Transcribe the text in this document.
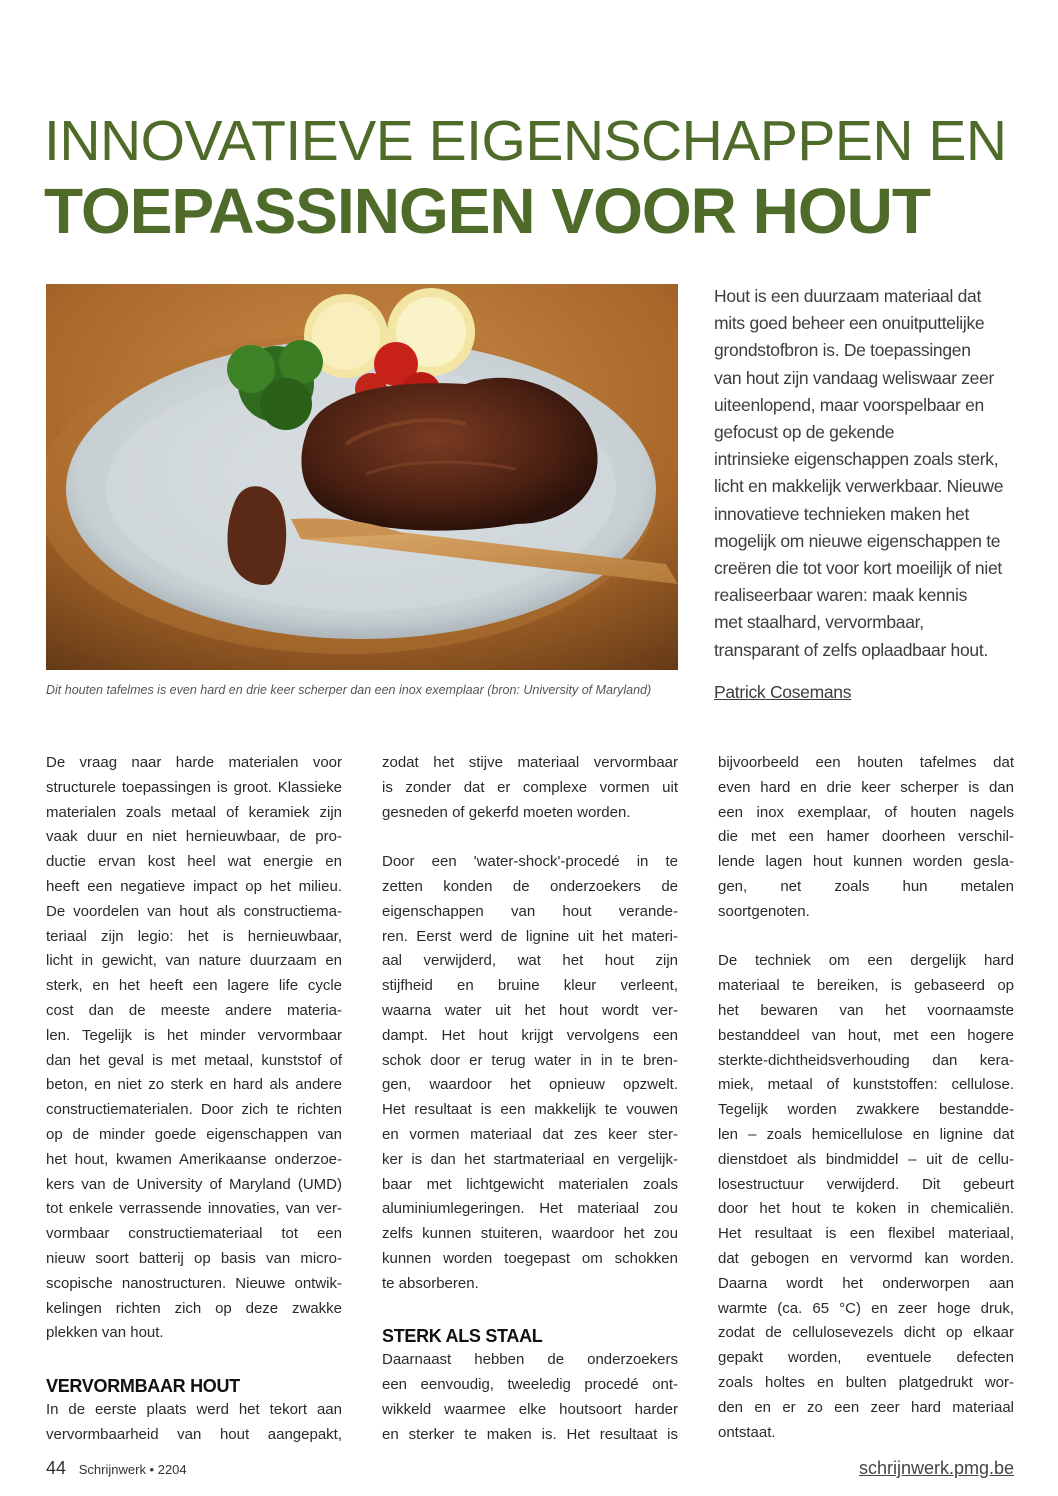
INNOVATIEVE EIGENSCHAPPEN EN
TOEPASSINGEN VOOR HOUT
Dit houten tafelmes is even hard en drie keer scherper dan een inox exemplaar (bron: University of Maryland)
Hout is een duurzaam materiaal dat
mits goed beheer een onuitputtelijke
grondstofbron is. De toepassingen
van hout zijn vandaag weliswaar zeer
uiteenlopend, maar voorspelbaar en
gefocust op de gekende
intrinsieke eigenschappen zoals sterk,
licht en makkelijk verwerkbaar. Nieuwe
innovatieve technieken maken het
mogelijk om nieuwe eigenschappen te
creëren die tot voor kort moeilijk of niet
realiseerbaar waren: maak kennis
met staalhard, vervormbaar,
transparant of zelfs oplaadbaar hout.
Patrick Cosemans
De vraag naar harde materialen voor
structurele toepassingen is groot. Klassieke
materialen zoals metaal of keramiek zijn
vaak duur en niet hernieuwbaar, de pro-
ductie ervan kost heel wat energie en
heeft een negatieve impact op het milieu.
De voordelen van hout als constructiema-
teriaal zijn legio: het is hernieuwbaar,
licht in gewicht, van nature duurzaam en
sterk, en het heeft een lagere life cycle
cost dan de meeste andere materia-
len. Tegelijk is het minder vervormbaar
dan het geval is met metaal, kunststof of
beton, en niet zo sterk en hard als andere
constructiematerialen. Door zich te richten
op de minder goede eigenschappen van
het hout, kwamen Amerikaanse onderzoe-
kers van de University of Maryland (UMD)
tot enkele verrassende innovaties, van ver-
vormbaar constructiemateriaal tot een
nieuw soort batterij op basis van micro-
scopische nanostructuren. Nieuwe ontwik-
kelingen richten zich op deze zwakke
plekken van hout.
VERVORMBAAR HOUT
In de eerste plaats werd het tekort aan
vervormbaarheid van hout aangepakt,
zodat het stijve materiaal vervormbaar
is zonder dat er complexe vormen uit
gesneden of gekerfd moeten worden.
Door een 'water-shock'-procedé in te
zetten konden de onderzoekers de
eigenschappen van hout verande-
ren. Eerst werd de lignine uit het materi-
aal verwijderd, wat het hout zijn
stijfheid en bruine kleur verleent,
waarna water uit het hout wordt ver-
dampt. Het hout krijgt vervolgens een
schok door er terug water in in te bren-
gen, waardoor het opnieuw opzwelt.
Het resultaat is een makkelijk te vouwen
en vormen materiaal dat zes keer ster-
ker is dan het startmateriaal en vergelijk-
baar met lichtgewicht materialen zoals
aluminiumlegeringen. Het materiaal zou
zelfs kunnen stuiteren, waardoor het zou
kunnen worden toegepast om schokken
te absorberen.
STERK ALS STAAL
Daarnaast hebben de onderzoekers
een eenvoudig, tweeledig procedé ont-
wikkeld waarmee elke houtsoort harder
en sterker te maken is. Het resultaat is
bijvoorbeeld een houten tafelmes dat
even hard en drie keer scherper is dan
een inox exemplaar, of houten nagels
die met een hamer doorheen verschil-
lende lagen hout kunnen worden gesla-
gen, net zoals hun metalen
soortgenoten.
De techniek om een dergelijk hard
materiaal te bereiken, is gebaseerd op
het bewaren van het voornaamste
bestanddeel van hout, met een hogere
sterkte-dichtheidsverhouding dan kera-
miek, metaal of kunststoffen: cellulose.
Tegelijk worden zwakkere bestandde-
len – zoals hemicellulose en lignine dat
dienstdoet als bindmiddel – uit de cellu-
losestructuur verwijderd. Dit gebeurt
door het hout te koken in chemicaliën.
Het resultaat is een flexibel materiaal,
dat gebogen en vervormd kan worden.
Daarna wordt het onderworpen aan
warmte (ca. 65 °C) en zeer hoge druk,
zodat de cellulosevezels dicht op elkaar
gepakt worden, eventuele defecten
zoals holtes en bulten platgedrukt wor-
den en er zo een zeer hard materiaal
ontstaat.
44 Schrijnwerk • 2204	schrijnwerk.pmg.be
